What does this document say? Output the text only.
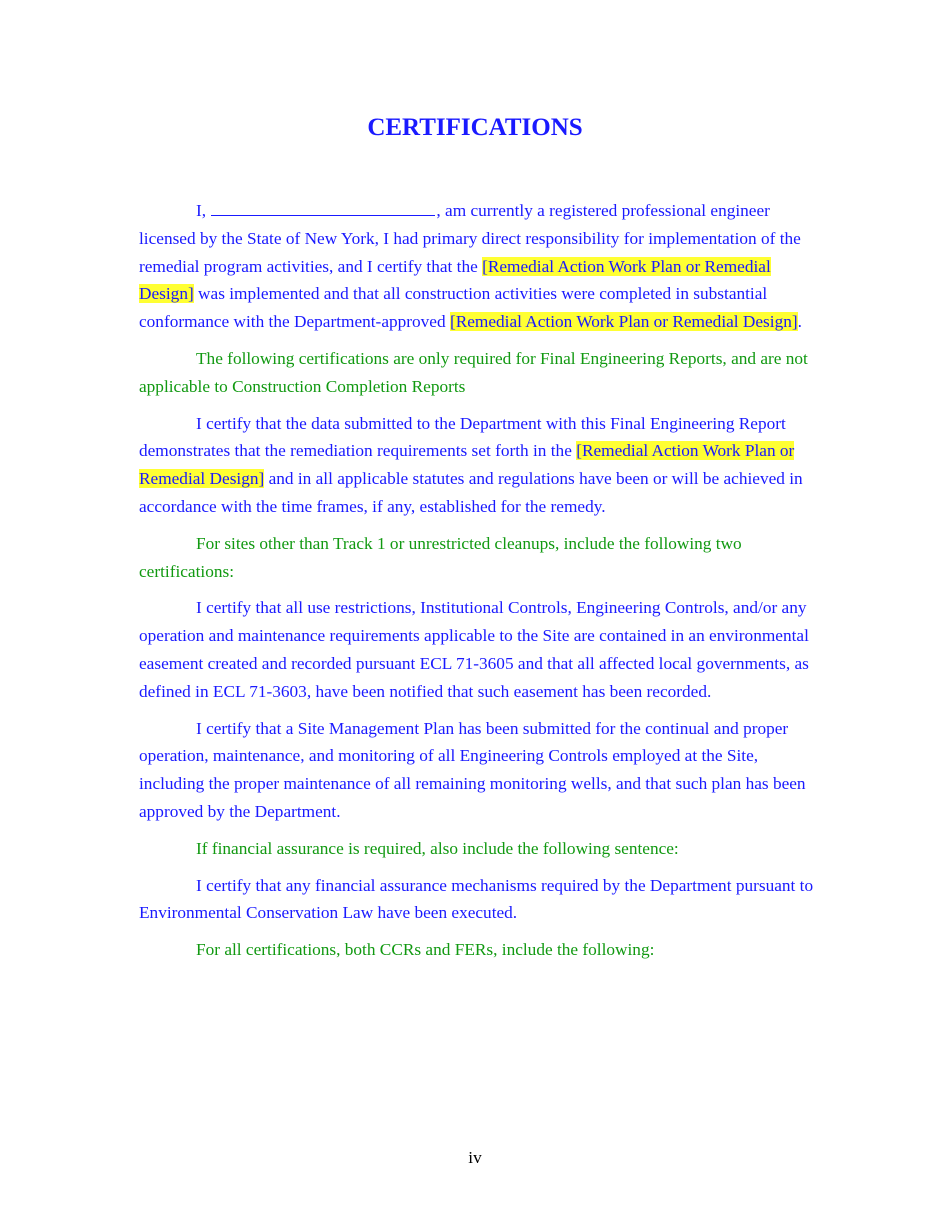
CERTIFICATIONS

I,	, am currently a registered professional engineer licensed by the State of New York, I had primary direct responsibility for implementation of the remedial program activities, and I certify that the [Remedial Action Work Plan or Remedial Design] was implemented and that all construction activities were completed in substantial conformance with the Department-approved [Remedial Action Work Plan or Remedial Design].

The following certifications are only required for Final Engineering Reports, and are not applicable to Construction Completion Reports

I certify that the data submitted to the Department with this Final Engineering Report demonstrates that the remediation requirements set forth in the [Remedial Action Work Plan or Remedial Design] and in all applicable statutes and regulations have been or will be achieved in accordance with the time frames, if any, established for the remedy.

For sites other than Track 1 or unrestricted cleanups, include the following two certifications:

I certify that all use restrictions, Institutional Controls, Engineering Controls, and/or any operation and maintenance requirements applicable to the Site are contained in an environmental easement created and recorded pursuant ECL 71-3605 and that all affected local governments, as defined in ECL 71-3603, have been notified that such easement has been recorded.

I certify that a Site Management Plan has been submitted for the continual and proper operation, maintenance, and monitoring of all Engineering Controls employed at the Site, including the proper maintenance of all remaining monitoring wells, and that such plan has been approved by the Department.

If financial assurance is required, also include the following sentence:

I certify that any financial assurance mechanisms required by the Department pursuant to Environmental Conservation Law have been executed.

For all certifications, both CCRs and FERs, include the following:

iv
